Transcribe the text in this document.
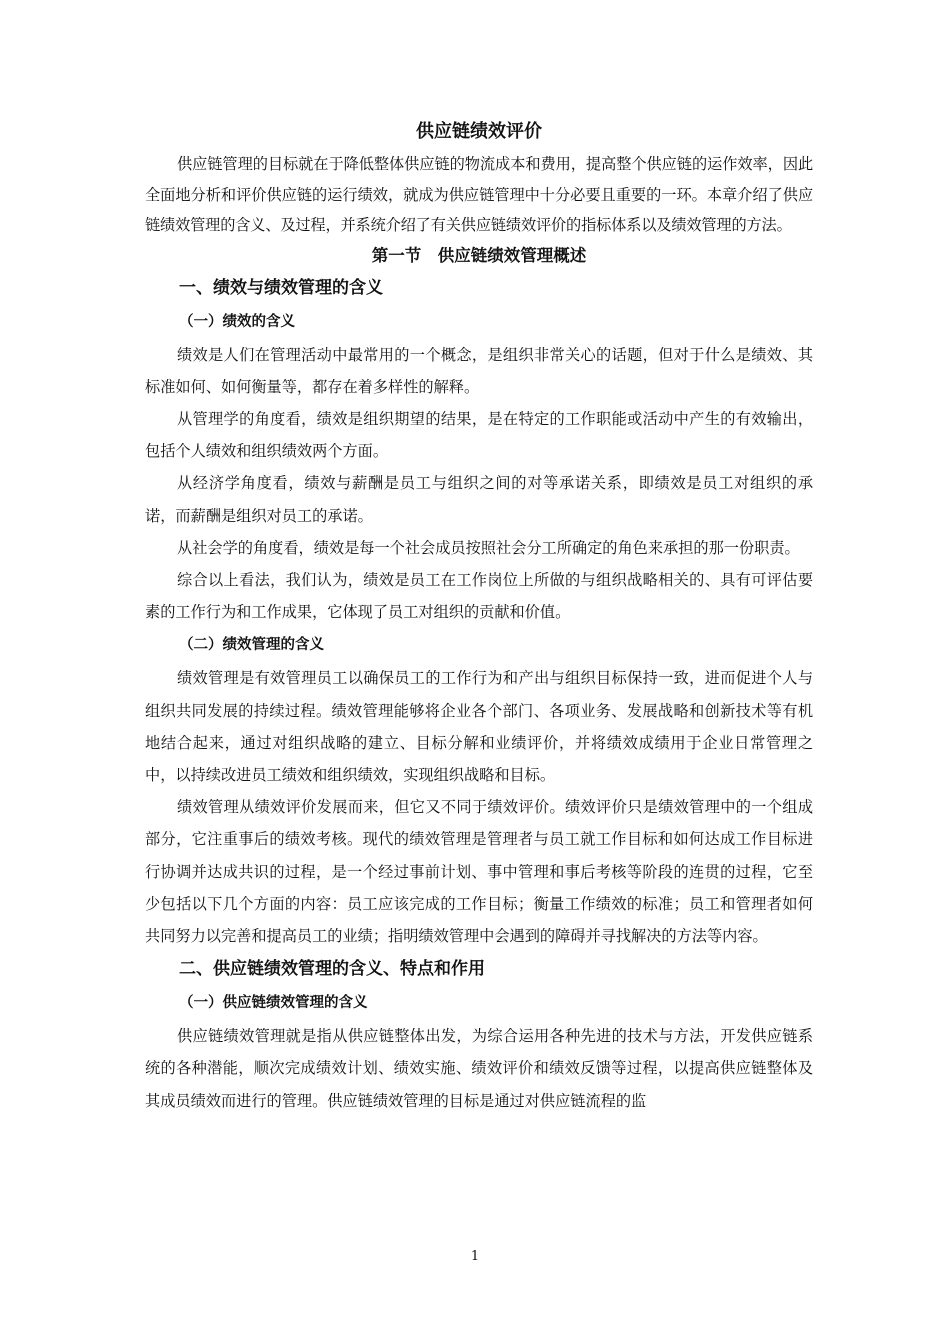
供应链绩效评价

供应链管理的目标就在于降低整体供应链的物流成本和费用，提高整个供应链的运作效率，因此全面地分析和评价供应链的运行绩效，就成为供应链管理中十分必要且重要的一环。本章介绍了供应链绩效管理的含义、及过程，并系统介绍了有关供应链绩效评价的指标体系以及绩效管理的方法。

第一节　供应链绩效管理概述
一、绩效与绩效管理的含义
（一）绩效的含义

绩效是人们在管理活动中最常用的一个概念，是组织非常关心的话题，但对于什么是绩效、其标准如何、如何衡量等，都存在着多样性的解释。

从管理学的角度看，绩效是组织期望的结果，是在特定的工作职能或活动中产生的有效输出，包括个人绩效和组织绩效两个方面。

从经济学角度看，绩效与薪酬是员工与组织之间的对等承诺关系，即绩效是员工对组织的承诺，而薪酬是组织对员工的承诺。

从社会学的角度看，绩效是每一个社会成员按照社会分工所确定的角色来承担的那一份职责。

综合以上看法，我们认为，绩效是员工在工作岗位上所做的与组织战略相关的、具有可评估要素的工作行为和工作成果，它体现了员工对组织的贡献和价值。

（二）绩效管理的含义

绩效管理是有效管理员工以确保员工的工作行为和产出与组织目标保持一致，进而促进个人与组织共同发展的持续过程。绩效管理能够将企业各个部门、各项业务、发展战略和创新技术等有机地结合起来，通过对组织战略的建立、目标分解和业绩评价，并将绩效成绩用于企业日常管理之中，以持续改进员工绩效和组织绩效，实现组织战略和目标。

绩效管理从绩效评价发展而来，但它又不同于绩效评价。绩效评价只是绩效管理中的一个组成部分，它注重事后的绩效考核。现代的绩效管理是管理者与员工就工作目标和如何达成工作目标进行协调并达成共识的过程，是一个经过事前计划、事中管理和事后考核等阶段的连贯的过程，它至少包括以下几个方面的内容：员工应该完成的工作目标；衡量工作绩效的标准；员工和管理者如何共同努力以完善和提高员工的业绩；指明绩效管理中会遇到的障碍并寻找解决的方法等内容。

二、供应链绩效管理的含义、特点和作用
（一）供应链绩效管理的含义

供应链绩效管理就是指从供应链整体出发，为综合运用各种先进的技术与方法，开发供应链系统的各种潜能，顺次完成绩效计划、绩效实施、绩效评价和绩效反馈等过程，以提高供应链整体及其成员绩效而进行的管理。供应链绩效管理的目标是通过对供应链流程的监

1
